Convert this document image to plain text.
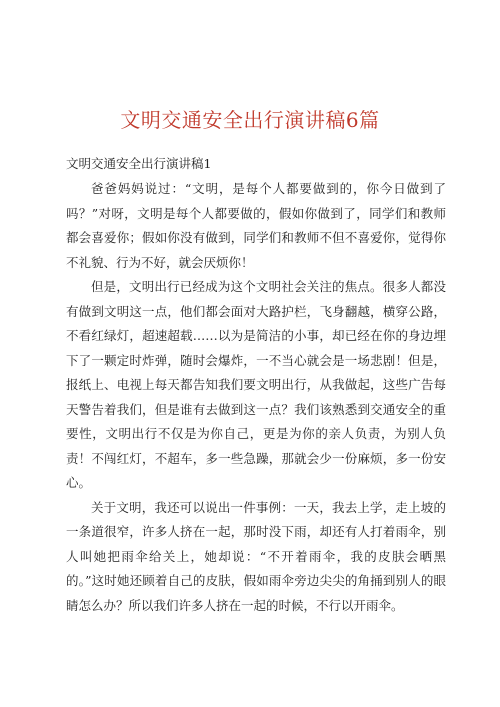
文明交通安全出行演讲稿6篇

文明交通安全出行演讲稿1

爸爸妈妈说过：“文明，是每个人都要做到的，你今日做到了吗？”对呀，文明是每个人都要做的，假如你做到了，同学们和教师都会喜爱你；假如你没有做到，同学们和教师不但不喜爱你，觉得你不礼貌、行为不好，就会厌烦你！

但是，文明出行已经成为这个文明社会关注的焦点。很多人都没有做到文明这一点，他们都会面对大路护栏，飞身翻越，横穿公路，不看红绿灯，超速超载……以为是简洁的小事，却已经在你的身边埋下了一颗定时炸弹，随时会爆炸，一不当心就会是一场悲剧！但是，报纸上、电视上每天都告知我们要文明出行，从我做起，这些广告每天警告着我们，但是谁有去做到这一点？我们该熟悉到交通安全的重要性，文明出行不仅是为你自己，更是为你的亲人负责，为别人负责！不闯红灯，不超车，多一些急躁，那就会少一份麻烦，多一份安心。

关于文明，我还可以说出一件事例：一天，我去上学，走上坡的一条道很窄，许多人挤在一起，那时没下雨，却还有人打着雨伞，别人叫她把雨伞给关上，她却说：“不开着雨伞，我的皮肤会晒黑的。”这时她还顾着自己的皮肤，假如雨伞旁边尖尖的角捅到别人的眼睛怎么办？所以我们许多人挤在一起的时候，不行以开雨伞。
